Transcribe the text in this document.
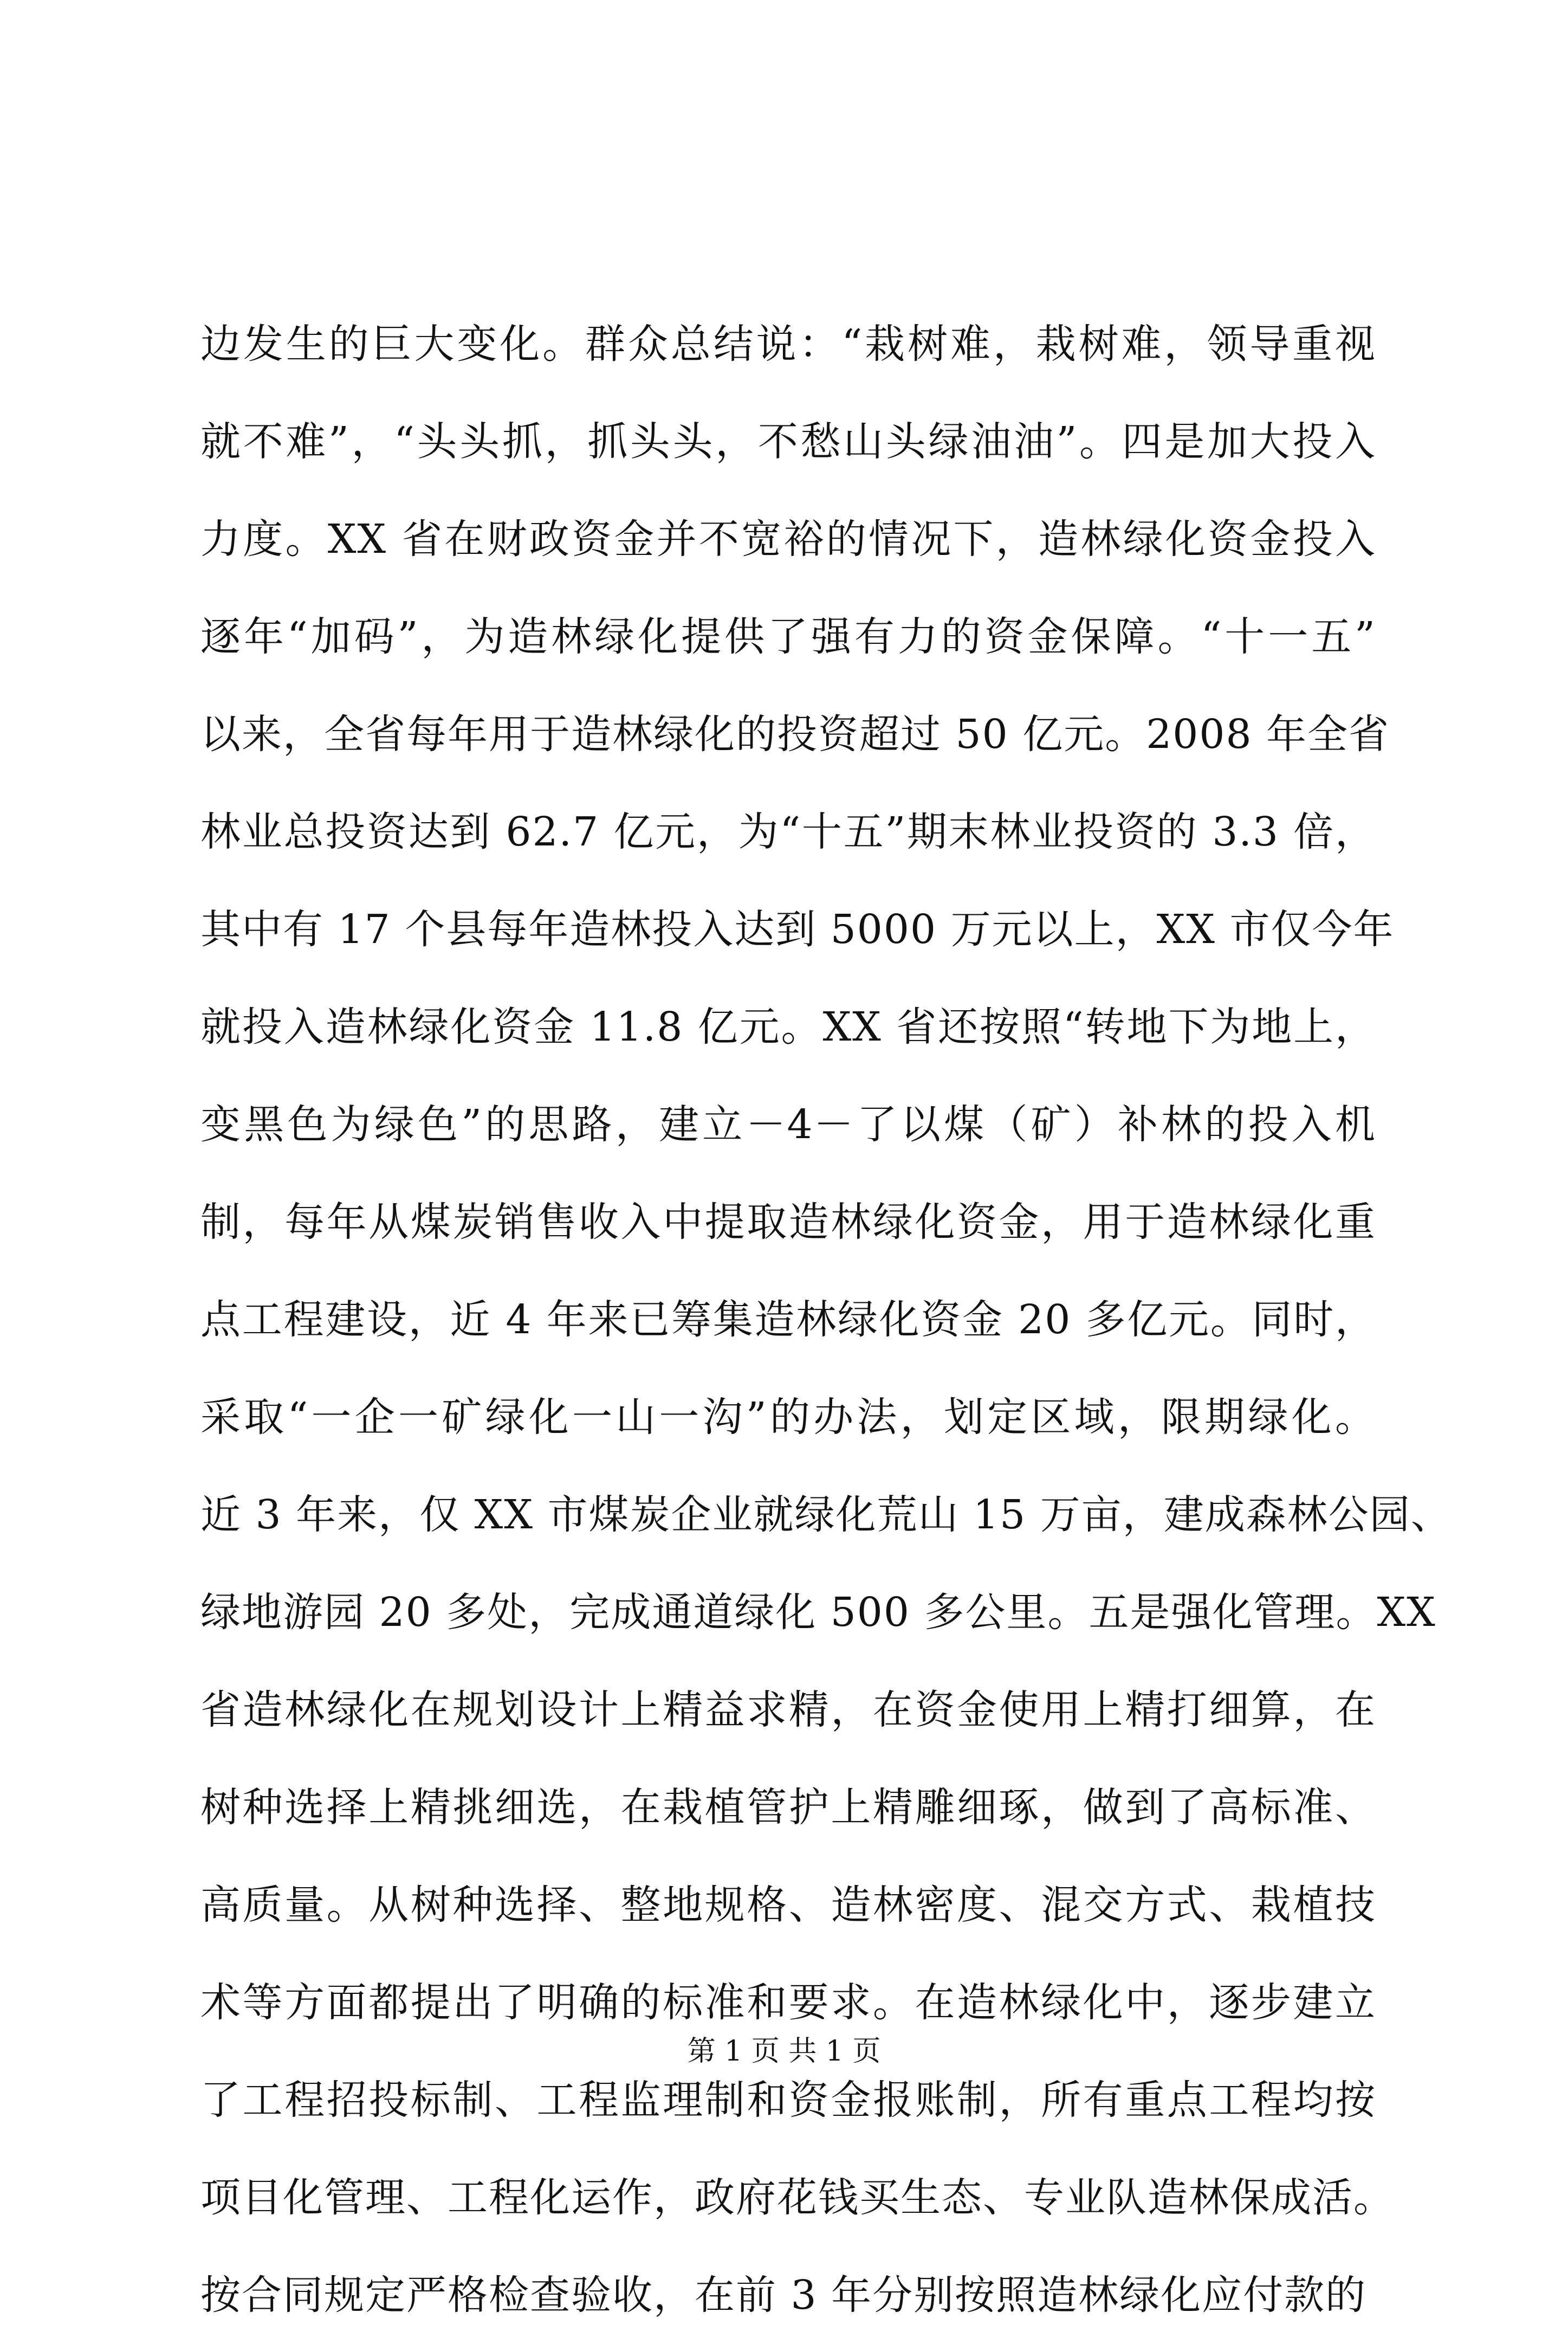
边发生的巨大变化。群众总结说：“栽树难，栽树难，领导重视
就不难”，“头头抓，抓头头，不愁山头绿油油”。四是加大投入
力度。XX 省在财政资金并不宽裕的情况下，造林绿化资金投入
逐年“加码”，为造林绿化提供了强有力的资金保障。“十一五”
以来，全省每年用于造林绿化的投资超过 50 亿元。2008 年全省
林业总投资达到 62.7 亿元，为“十五”期末林业投资的 3.3 倍，
其中有 17 个县每年造林投入达到 5000 万元以上，XX 市仅今年
就投入造林绿化资金 11.8 亿元。XX 省还按照“转地下为地上，
变黑色为绿色”的思路，建立－4－了以煤（矿）补林的投入机
制，每年从煤炭销售收入中提取造林绿化资金，用于造林绿化重
点工程建设，近 4 年来已筹集造林绿化资金 20 多亿元。同时，
采取“一企一矿绿化一山一沟”的办法，划定区域，限期绿化。
近 3 年来，仅 XX 市煤炭企业就绿化荒山 15 万亩，建成森林公园、
绿地游园 20 多处，完成通道绿化 500 多公里。五是强化管理。XX
省造林绿化在规划设计上精益求精，在资金使用上精打细算，在
树种选择上精挑细选，在栽植管护上精雕细琢，做到了高标准、
高质量。从树种选择、整地规格、造林密度、混交方式、栽植技
术等方面都提出了明确的标准和要求。在造林绿化中，逐步建立
了工程招投标制、工程监理制和资金报账制，所有重点工程均按
项目化管理、工程化运作，政府花钱买生态、专业队造林保成活。
按合同规定严格检查验收，在前 3 年分别按照造林绿化应付款的
第 1 页 共 1 页
